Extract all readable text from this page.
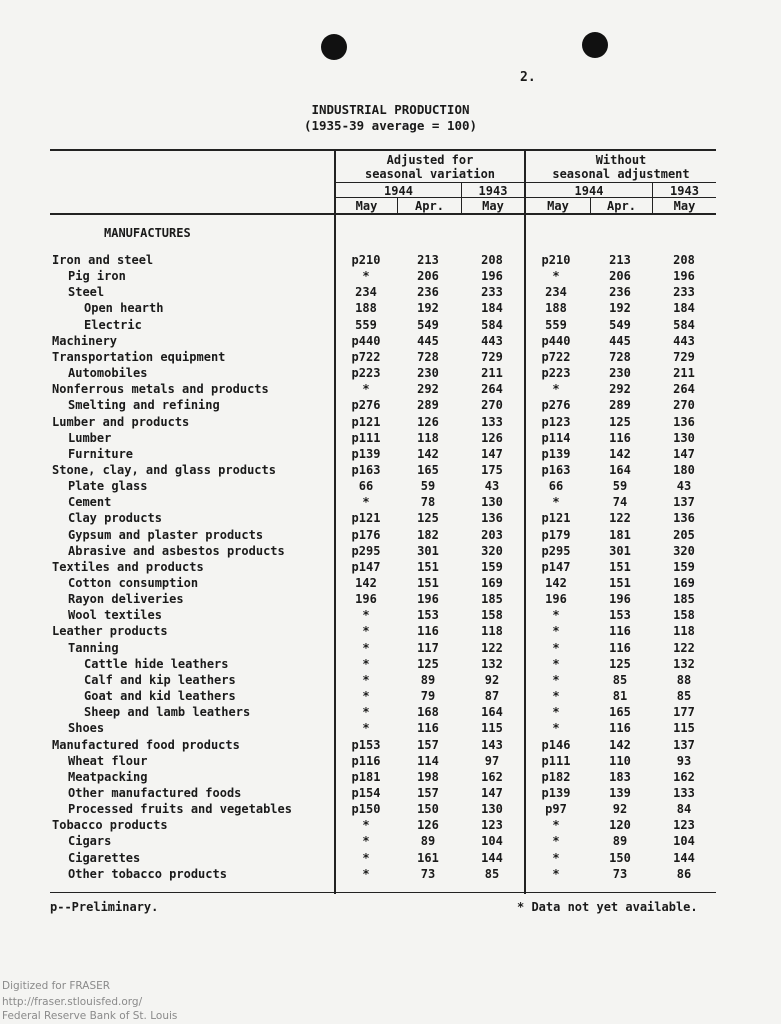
2.
INDUSTRIAL PRODUCTION
(1935-39 average = 100)
Adjusted for
seasonal variation
Without
seasonal adjustment
1944	1943	1944	1943
May	Apr.	May	May	Apr.	May
MANUFACTURES
Iron and steel	p210	213	208	p210	213	208
Pig iron	*	206	196	*	206	196
Steel	234	236	233	234	236	233
Open hearth	188	192	184	188	192	184
Electric	559	549	584	559	549	584
Machinery	p440	445	443	p440	445	443
Transportation equipment	p722	728	729	p722	728	729
Automobiles	p223	230	211	p223	230	211
Nonferrous metals and products	*	292	264	*	292	264
Smelting and refining	p276	289	270	p276	289	270
Lumber and products	p121	126	133	p123	125	136
Lumber	p111	118	126	p114	116	130
Furniture	p139	142	147	p139	142	147
Stone, clay, and glass products	p163	165	175	p163	164	180
Plate glass	66	59	43	66	59	43
Cement	*	78	130	*	74	137
Clay products	p121	125	136	p121	122	136
Gypsum and plaster products	p176	182	203	p179	181	205
Abrasive and asbestos products	p295	301	320	p295	301	320
Textiles and products	p147	151	159	p147	151	159
Cotton consumption	142	151	169	142	151	169
Rayon deliveries	196	196	185	196	196	185
Wool textiles	*	153	158	*	153	158
Leather products	*	116	118	*	116	118
Tanning	*	117	122	*	116	122
Cattle hide leathers	*	125	132	*	125	132
Calf and kip leathers	*	89	92	*	85	88
Goat and kid leathers	*	79	87	*	81	85
Sheep and lamb leathers	*	168	164	*	165	177
Shoes	*	116	115	*	116	115
Manufactured food products	p153	157	143	p146	142	137
Wheat flour	p116	114	97	p111	110	93
Meatpacking	p181	198	162	p182	183	162
Other manufactured foods	p154	157	147	p139	139	133
Processed fruits and vegetables	p150	150	130	p97	92	84
Tobacco products	*	126	123	*	120	123
Cigars	*	89	104	*	89	104
Cigarettes	*	161	144	*	150	144
Other tobacco products	*	73	85	*	73	86
p--Preliminary.	* Data not yet available.
Digitized for FRASER
http://fraser.stlouisfed.org/
Federal Reserve Bank of St. Louis
